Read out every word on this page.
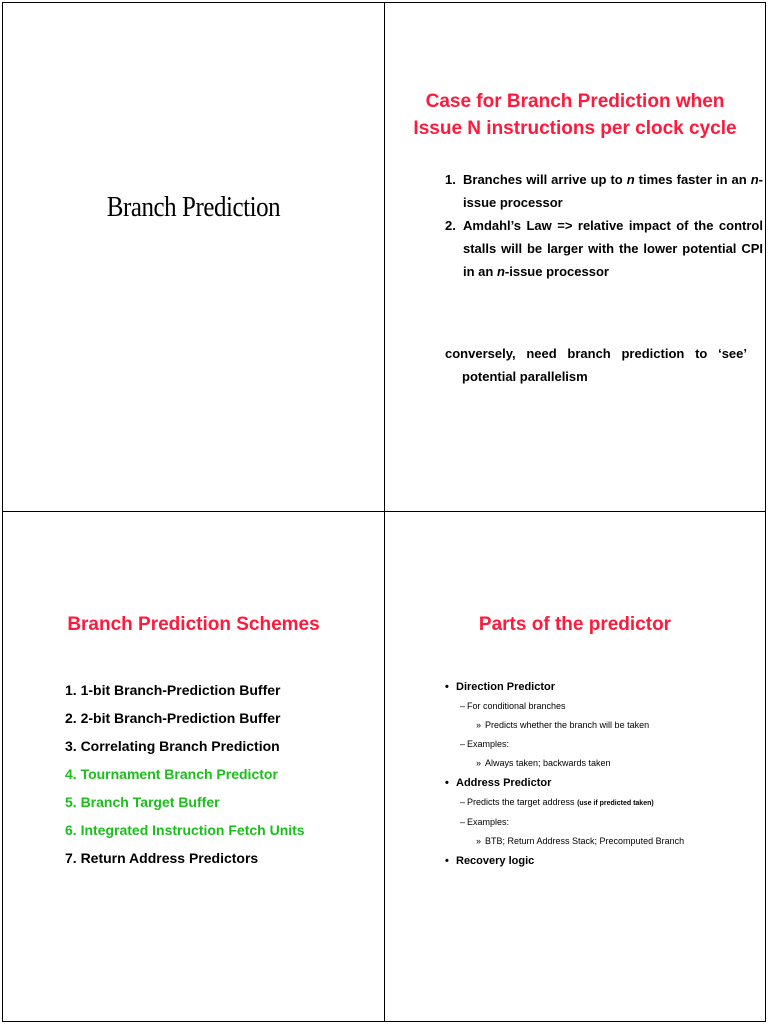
Branch Prediction
Case for Branch Prediction when
Issue N instructions per clock cycle
1. Branches will arrive up to n times faster in an n-issue processor
2. Amdahl’s Law => relative impact of the control stalls will be larger with the lower potential CPI in an n-issue processor
conversely, need branch prediction to ‘see’
potential parallelism
Branch Prediction Schemes
1. 1-bit Branch-Prediction Buffer
2. 2-bit Branch-Prediction Buffer
3. Correlating Branch Prediction
4. Tournament Branch Predictor
5. Branch Target Buffer
6. Integrated Instruction Fetch Units
7. Return Address Predictors
Parts of the predictor
• Direction Predictor
– For conditional branches
» Predicts whether the branch will be taken
– Examples:
» Always taken; backwards taken
• Address Predictor
– Predicts the target address (use if predicted taken)
– Examples:
» BTB; Return Address Stack; Precomputed Branch
• Recovery logic
